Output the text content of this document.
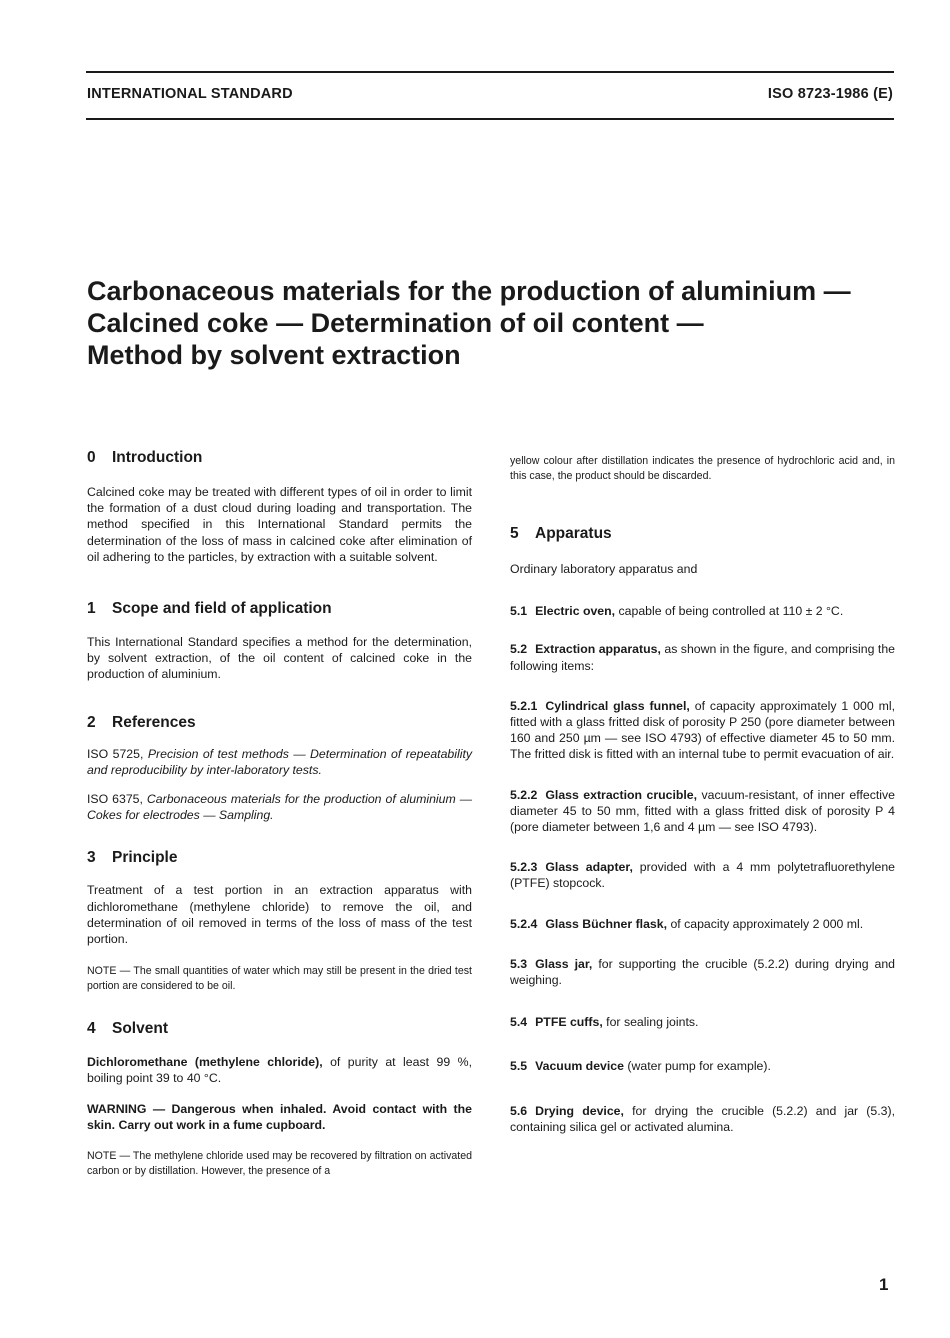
INTERNATIONAL STANDARD	ISO 8723-1986 (E)
Carbonaceous materials for the production of aluminium —
Calcined coke — Determination of oil content —
Method by solvent extraction
0	Introduction

Calcined coke may be treated with different types of oil in order to limit the formation of a dust cloud during loading and transportation. The method specified in this International Standard permits the determination of the loss of mass in calcined coke after elimination of oil adhering to the particles, by extraction with a suitable solvent.

1	Scope and field of application

This International Standard specifies a method for the determination, by solvent extraction, of the oil content of calcined coke in the production of aluminium.

2	References

ISO 5725, Precision of test methods — Determination of repeatability and reproducibility by inter-laboratory tests.

ISO 6375, Carbonaceous materials for the production of aluminium — Cokes for electrodes — Sampling.

3	Principle

Treatment of a test portion in an extraction apparatus with dichloromethane (methylene chloride) to remove the oil, and determination of oil removed in terms of the loss of mass of the test portion.

NOTE — The small quantities of water which may still be present in the dried test portion are considered to be oil.

4	Solvent

Dichloromethane (methylene chloride), of purity at least 99 %, boiling point 39 to 40 °C.

WARNING — Dangerous when inhaled. Avoid contact with the skin. Carry out work in a fume cupboard.

NOTE — The methylene chloride used may be recovered by filtration on activated carbon or by distillation. However, the presence of a

yellow colour after distillation indicates the presence of hydrochloric acid and, in this case, the product should be discarded.

5	Apparatus

Ordinary laboratory apparatus and

5.1 Electric oven, capable of being controlled at 110 ± 2 °C.

5.2 Extraction apparatus, as shown in the figure, and comprising the following items:

5.2.1 Cylindrical glass funnel, of capacity approximately 1 000 ml, fitted with a glass fritted disk of porosity P 250 (pore diameter between 160 and 250 µm — see ISO 4793) of effective diameter 45 to 50 mm. The fritted disk is fitted with an internal tube to permit evacuation of air.

5.2.2 Glass extraction crucible, vacuum-resistant, of inner effective diameter 45 to 50 mm, fitted with a glass fritted disk of porosity P 4 (pore diameter between 1,6 and 4 µm — see ISO 4793).

5.2.3 Glass adapter, provided with a 4 mm polytetrafluorethylene (PTFE) stopcock.

5.2.4 Glass Büchner flask, of capacity approximately 2 000 ml.

5.3 Glass jar, for supporting the crucible (5.2.2) during drying and weighing.

5.4 PTFE cuffs, for sealing joints.

5.5 Vacuum device (water pump for example).

5.6 Drying device, for drying the crucible (5.2.2) and jar (5.3), containing silica gel or activated alumina.

1
